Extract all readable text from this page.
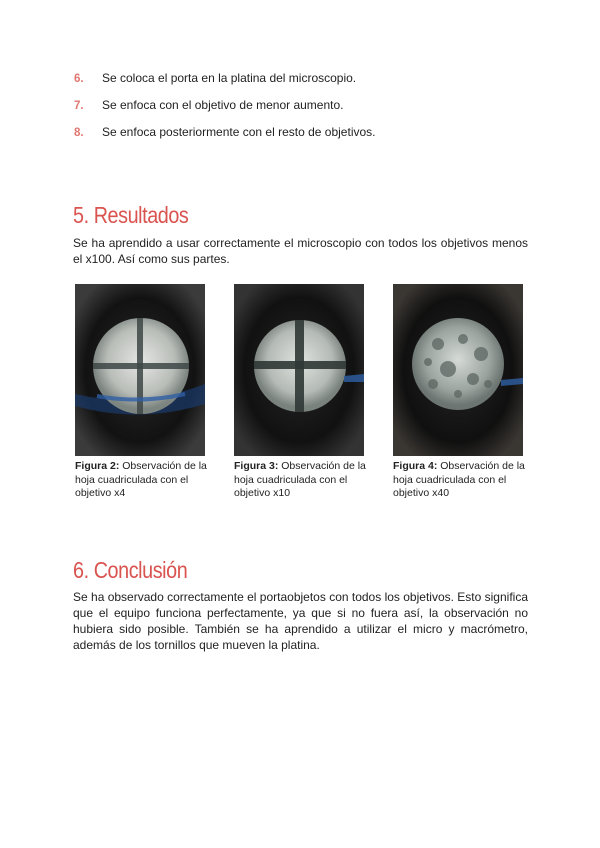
6.	Se coloca el porta en la platina del microscopio.
7.	Se enfoca con el objetivo de menor aumento.
8.	Se enfoca posteriormente con el resto de objetivos.
5. Resultados
Se ha aprendido a usar correctamente el microscopio con todos los objetivos menos el x100. Así como sus partes.
Figura 2: Observación de la hoja cuadriculada con el objetivo x4
Figura 3: Observación de la hoja cuadriculada con el objetivo x10
Figura 4: Observación de la hoja cuadriculada con el objetivo x40
6. Conclusión
Se ha observado correctamente el portaobjetos con todos los objetivos. Esto significa que el equipo funciona perfectamente, ya que si no fuera así, la observación no hubiera sido posible. También se ha aprendido a utilizar el micro y macrómetro, además de los tornillos que mueven la platina.
